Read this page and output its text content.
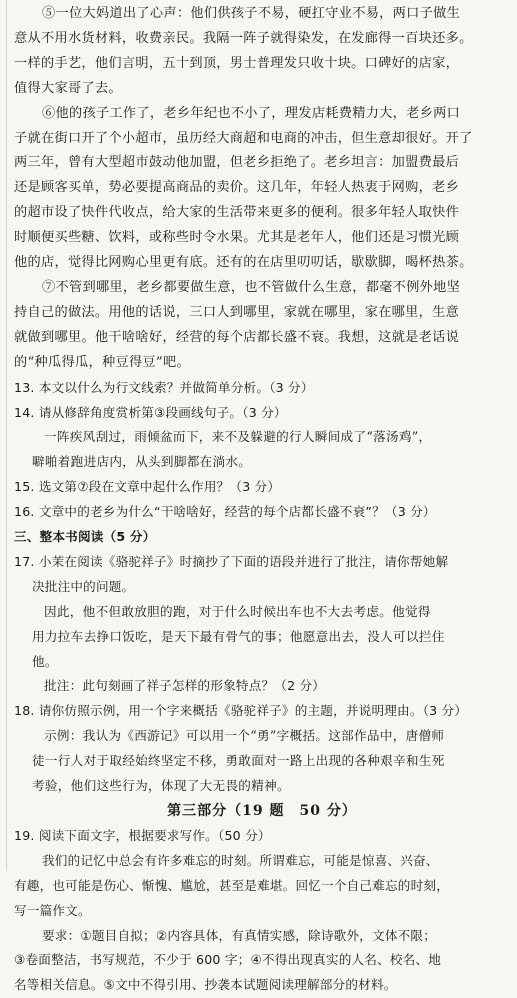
⑤一位大妈道出了心声：他们供孩子不易，硬扛守业不易，两口子做生
意从不用水货材料，收费亲民。我隔一阵子就得染发，在发廊得一百块还多。
一样的手艺，他们言明，五十到顶，男士普理发只收十块。口碑好的店家，
值得大家哥了去。
⑥他的孩子工作了，老乡年纪也不小了，理发店耗费精力大，老乡两口
子就在街口开了个小超市，虽历经大商超和电商的冲击，但生意却很好。开了
两三年，曾有大型超市鼓动他加盟，但老乡拒绝了。老乡坦言：加盟费最后
还是顾客买单，势必要提高商品的卖价。这几年，年轻人热衷于网购，老乡
的超市设了快件代收点，给大家的生活带来更多的便利。很多年轻人取快件
时顺便买些糖、饮料，或称些时令水果。尤其是老年人，他们还是习惯光顾
他的店，觉得比网购心里更有底。还有的在店里叨叨话，歇歇脚，喝杯热茶。
⑦不管到哪里，老乡都要做生意，也不管做什么生意，都毫不例外地坚
持自己的做法。用他的话说，三口人到哪里，家就在哪里，家在哪里，生意
就做到哪里。他干啥啥好，经营的每个店都长盛不衰。我想，这就是老话说
的“种瓜得瓜，种豆得豆”吧。
13. 本文以什么为行文线索？并做简单分析。（3 分）
14. 请从修辞角度赏析第③段画线句子。（3 分）
一阵疾风刮过，雨倾盆而下，来不及躲避的行人瞬间成了“落汤鸡”，
噼啪着跑进店内，从头到脚都在淌水。
15. 选文第⑦段在文章中起什么作用？（3 分）
16. 文章中的老乡为什么“干啥啥好，经营的每个店都长盛不衰”？（3 分）
三、整本书阅读（5 分）
17. 小茉在阅读《骆驼祥子》时摘抄了下面的语段并进行了批注，请你帮她解
决批注中的问题。
因此，他不但敢放胆的跑，对于什么时候出车也不大去考虑。他觉得
用力拉车去挣口饭吃，是天下最有骨气的事；他愿意出去，没人可以拦住
他。
批注：此句刻画了祥子怎样的形象特点？（2 分）
18. 请你仿照示例，用一个字来概括《骆驼祥子》的主题，并说明理由。（3 分）
示例：我认为《西游记》可以用一个“勇”字概括。这部作品中，唐僧师
徒一行人对于取经始终坚定不移，勇敢面对一路上出现的各种艰辛和生死
考验，他们这些行为，体现了大无畏的精神。
第三部分（19 题　50 分）
19. 阅读下面文字，根据要求写作。（50 分）
我们的记忆中总会有许多难忘的时刻。所谓难忘，可能是惊喜、兴奋、
有趣，也可能是伤心、惭愧、尴尬，甚至是难堪。回忆一个自己难忘的时刻，
写一篇作文。
要求：①题目自拟；②内容具体，有真情实感，除诗歌外，文体不限；
③卷面整洁，书写规范，不少于 600 字；④不得出现真实的人名、校名、地
名等相关信息。⑤文中不得引用、抄袭本试题阅读理解部分的材料。
